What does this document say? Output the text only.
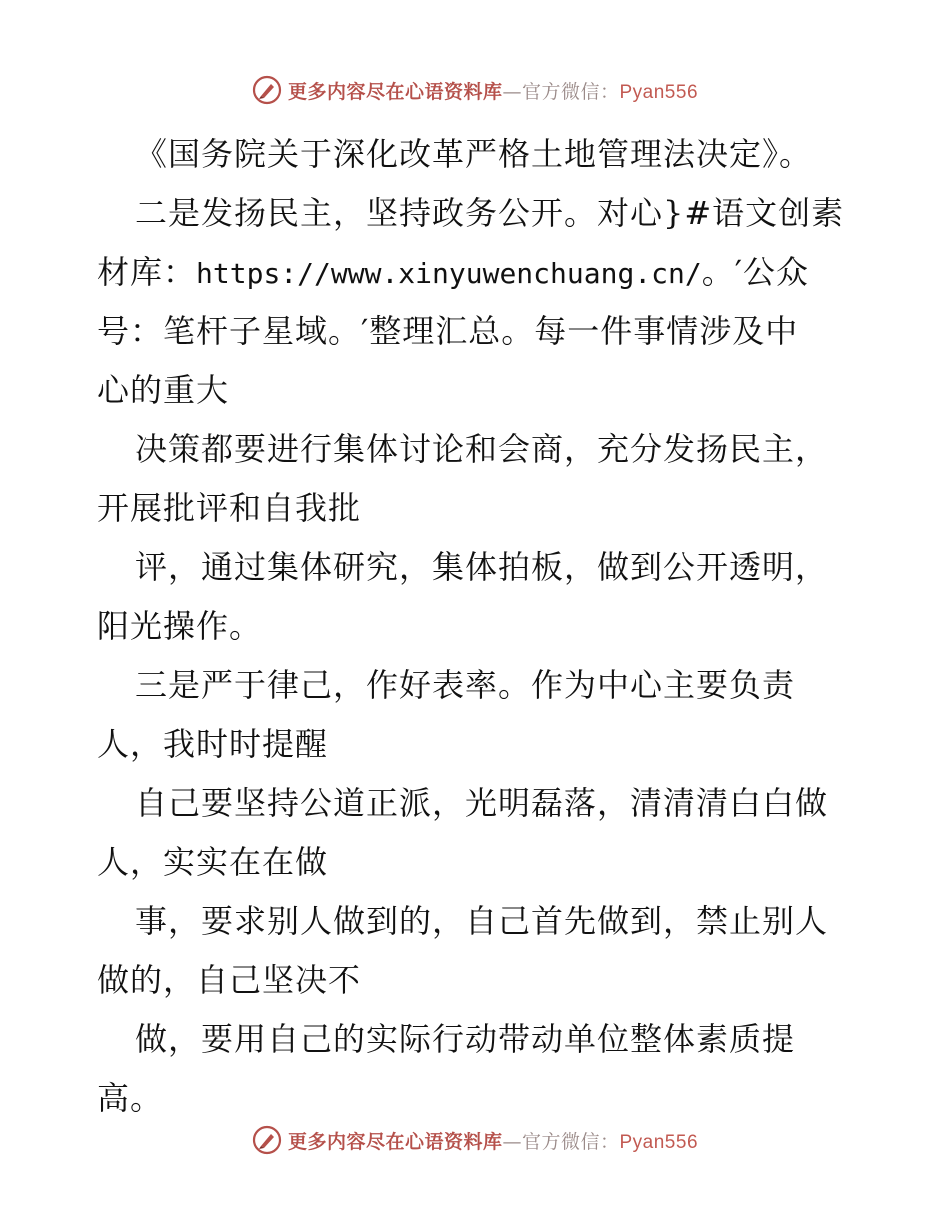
更多内容尽在心语资料库—官方微信：Pyan556
《国务院关于深化改革严格土地管理法决定》。
二是发扬民主，坚持政务公开。对心}#语文创素
材库：https://www.xinyuwenchuang.cn/。′公众
号：笔杆子星域。′整理汇总。每一件事情涉及中
心的重大
决策都要进行集体讨论和会商，充分发扬民主，
开展批评和自我批
评，通过集体研究，集体拍板，做到公开透明，
阳光操作。
三是严于律己，作好表率。作为中心主要负责
人，我时时提醒
自己要坚持公道正派，光明磊落，清清清白白做
人，实实在在做
事，要求别人做到的，自己首先做到，禁止别人
做的，自己坚决不
做，要用自己的实际行动带动单位整体素质提
高。
更多内容尽在心语资料库—官方微信：Pyan556
